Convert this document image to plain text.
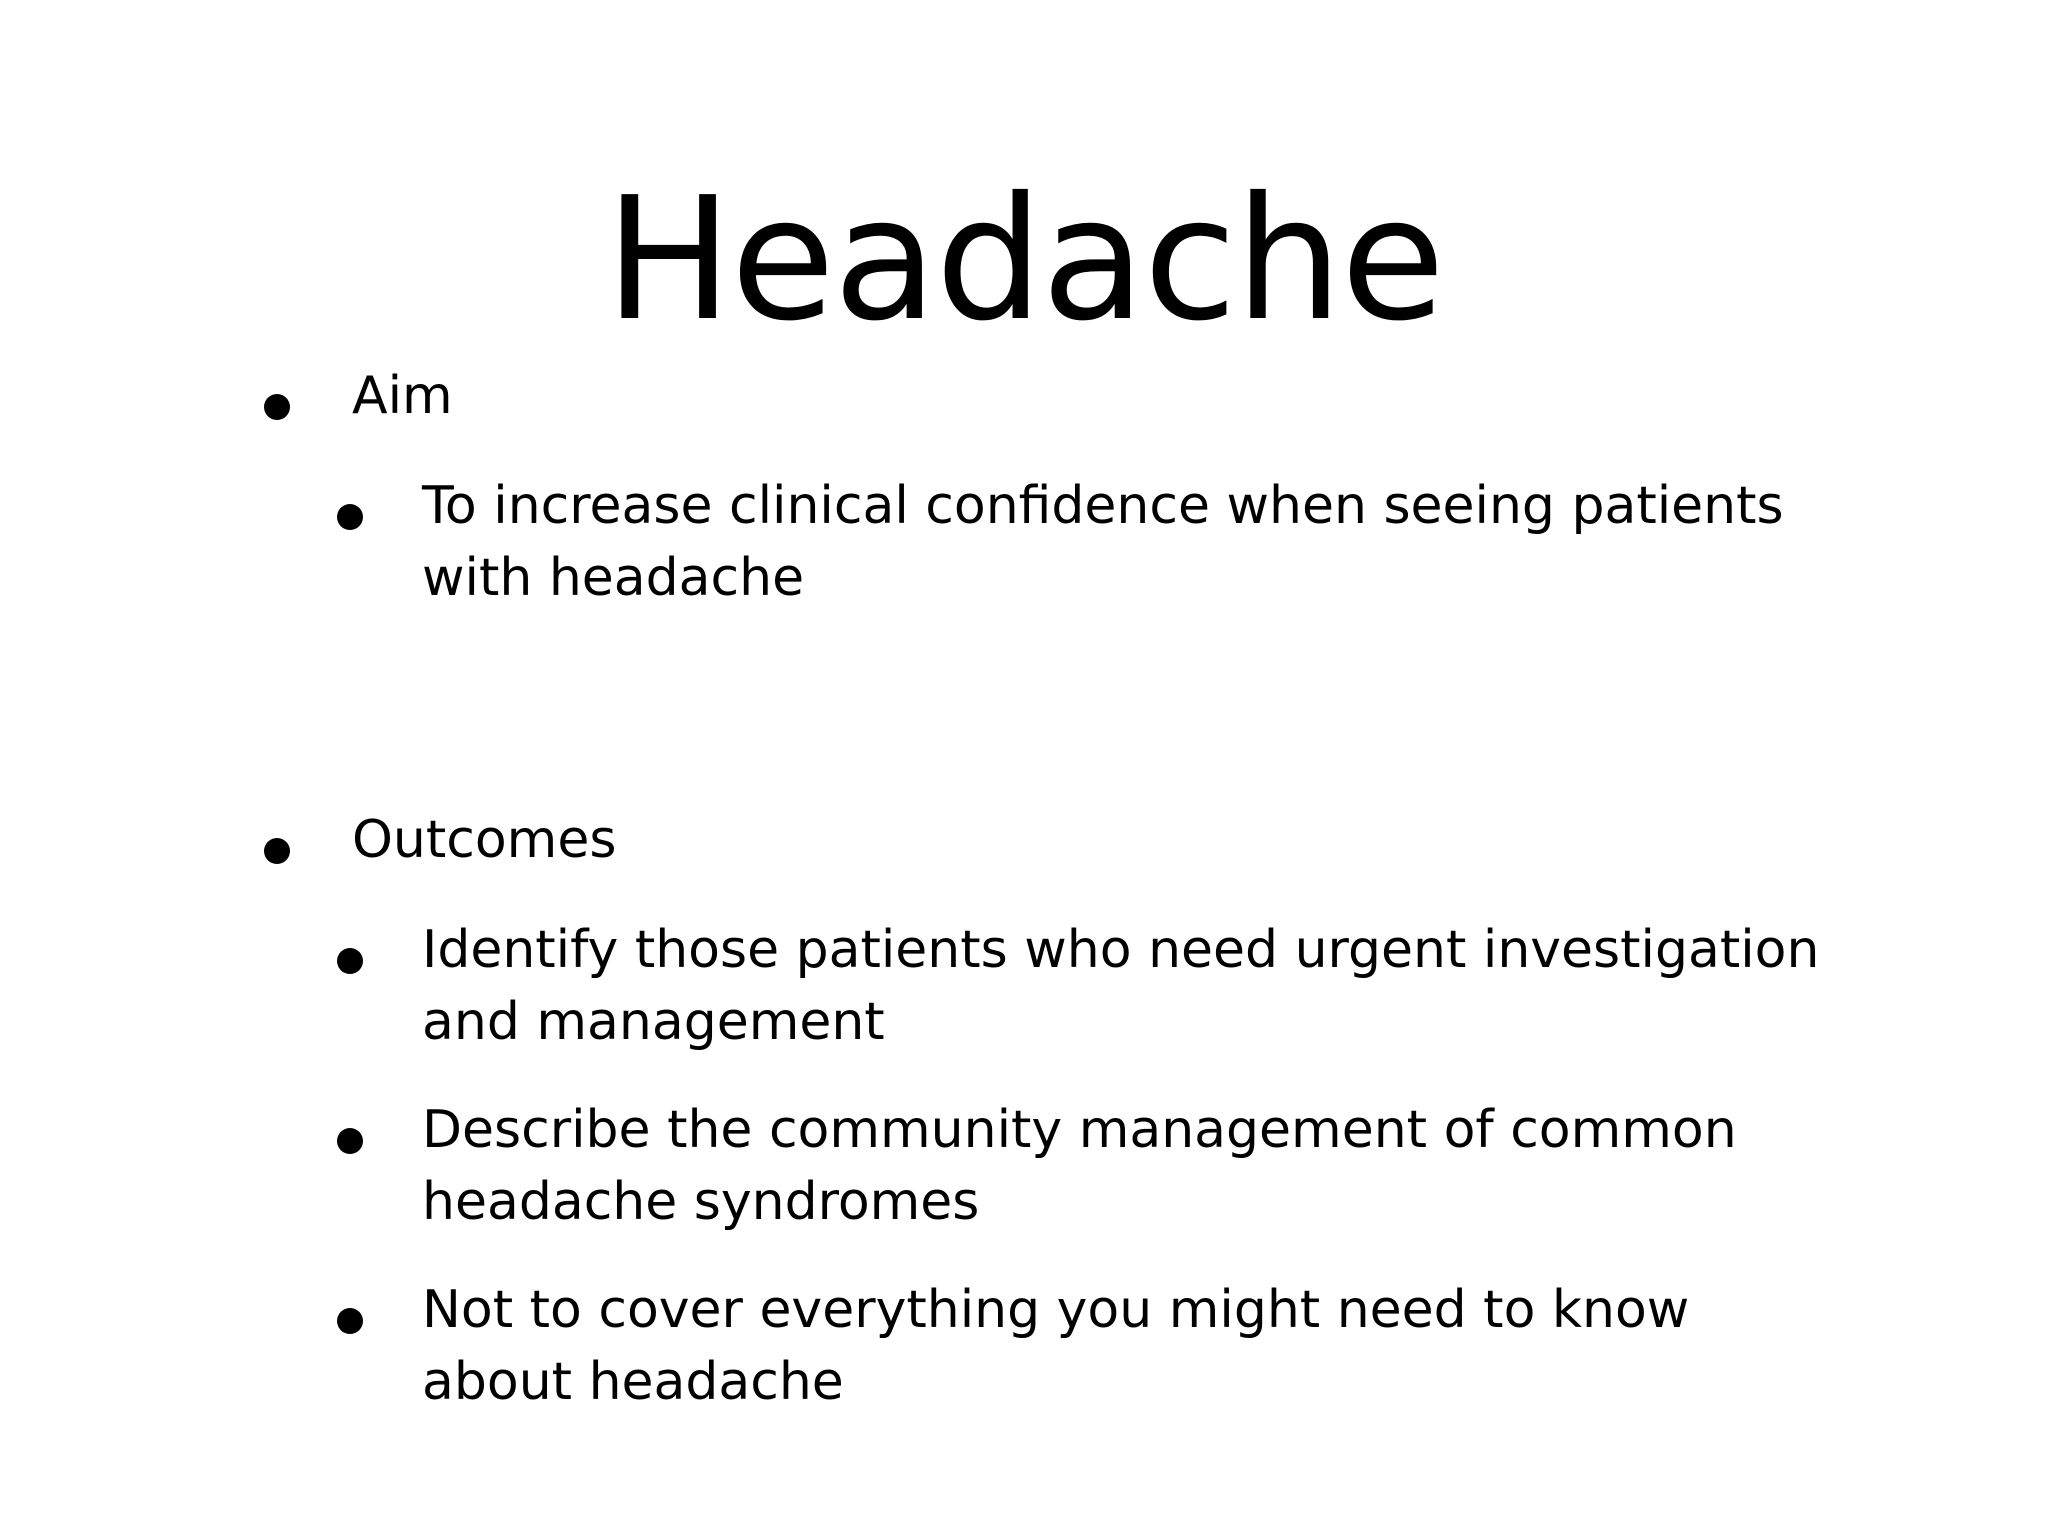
Headache
Aim
To increase clinical confidence when seeing patients with headache
Outcomes
Identify those patients who need urgent investigation and management
Describe the community management of common headache syndromes
Not to cover everything you might need to know about headache
